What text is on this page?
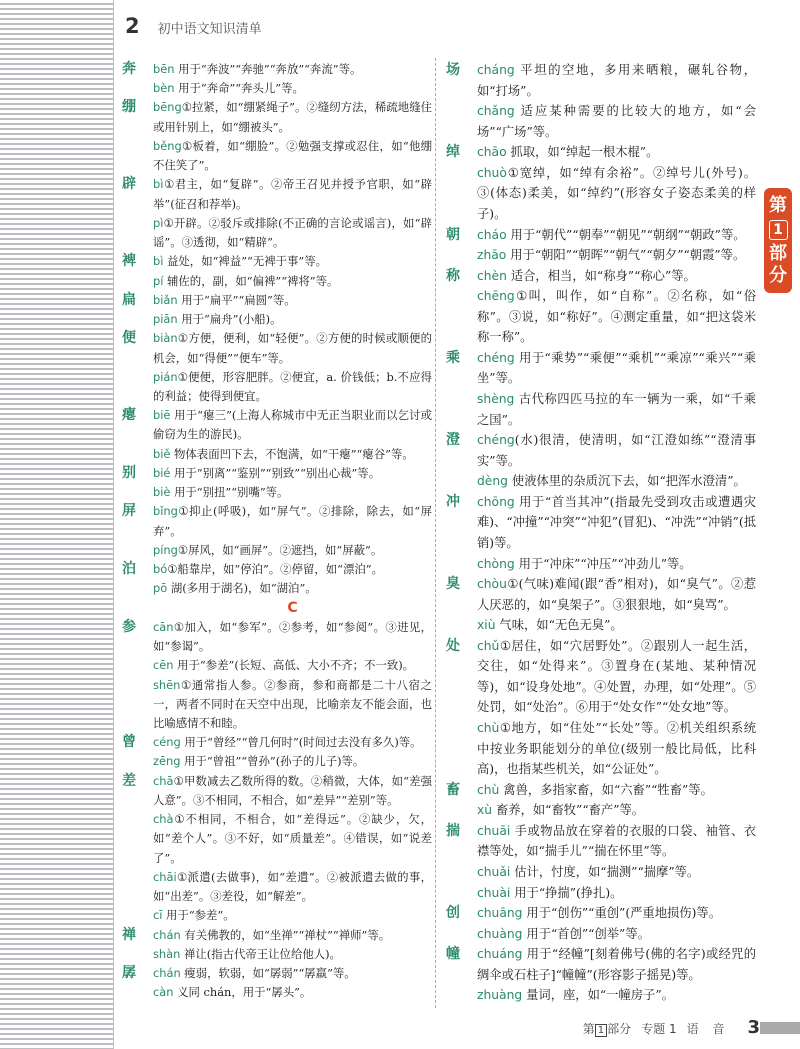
2 初中语文知识清单
奔 bēn 用于“奔波”“奔驰”“奔放”“奔流”等。
bèn 用于“奔命”“奔头儿”等。
绷 bēng①拉紧，如“绷紧绳子”。②缝纫方法，稀疏地缝住或用针别上，如“绷被头”。
běng①板着，如“绷脸”。②勉强支撑或忍住，如“他绷不住笑了”。
辟 bì①君主，如“复辟”。②帝王召见并授予官职，如“辟举”(征召和荐举)。
pì①开辟。②驳斥或排除(不正确的言论或谣言)，如“辟谣”。③透彻，如“精辟”。
裨 bì 益处，如“裨益”“无裨于事”等。
pí 辅佐的，副，如“偏裨”“裨将”等。
扁 biǎn 用于“扁平”“扁圆”等。
piān 用于“扁舟”(小船)。
便 biàn①方便，便利，如“轻便”。②方便的时候或顺便的机会，如“得便”“便车”等。
pián①便便，形容肥胖。②便宜，a. 价钱低；b.不应得的利益；使得到便宜。
瘪 biē 用于“瘪三”(上海人称城市中无正当职业而以乞讨或偷窃为生的游民)。
biě 物体表面凹下去，不饱满，如“干瘪”“瘪谷”等。
别 bié 用于“别离”“鉴别”“别致”“别出心裁”等。
biè 用于“别扭”“别嘴”等。
屏 bǐng①抑止(呼吸)，如“屏气”。②排除，除去，如“屏弃”。
píng①屏风，如“画屏”。②遮挡，如“屏蔽”。
泊 bó①船靠岸，如“停泊”。②停留，如“漂泊”。
pō 湖(多用于湖名)，如“湖泊”。
C
参 cān①加入，如“参军”。②参考，如“参阅”。③进见，如“参谒”。
cēn 用于“参差”(长短、高低、大小不齐；不一致)。
shēn①通常指人参。②参商，参和商都是二十八宿之一，两者不同时在天空中出现，比喻亲友不能会面，也比喻感情不和睦。
曾 céng 用于“曾经”“曾几何时”(时间过去没有多久)等。
zēng 用于“曾祖”“曾孙”(孙子的儿子)等。
差 chā①甲数减去乙数所得的数。②稍微，大体，如“差强人意”。③不相同，不相合，如“差异”“差别”等。
chà①不相同，不相合，如“差得远”。②缺少，欠，如“差个人”。③不好，如“质量差”。④错误，如“说差了”。
chāi①派遣(去做事)，如“差遣”。②被派遣去做的事，如“出差”。③差役，如“解差”。
cī 用于“参差”。
禅 chán 有关佛教的，如“坐禅”“禅杖”“禅师”等。
shàn 禅让(指古代帝王让位给他人)。
孱 chán 瘦弱，软弱，如“孱弱”“孱羸”等。
càn 义同 chán，用于“孱头”。
场 cháng 平坦的空地，多用来晒粮，碾轧谷物，如“打场”。
chǎng 适应某种需要的比较大的地方，如“会场”“广场”等。
绰 chāo 抓取，如“绰起一根木棍”。
chuò①宽绰，如“绰有余裕”。②绰号儿(外号)。③(体态)柔美，如“绰约”(形容女子姿态柔美的样子)。
朝 cháo 用于“朝代”“朝奉”“朝见”“朝纲”“朝政”等。
zhāo 用于“朝阳”“朝晖”“朝气”“朝夕”“朝霞”等。
称 chèn 适合，相当，如“称身”“称心”等。
chēng①叫，叫作，如“自称”。②名称，如“俗称”。③说，如“称好”。④测定重量，如“把这袋米称一称”。
乘 chéng 用于“乘势”“乘便”“乘机”“乘凉”“乘兴”“乘坐”等。
shèng 古代称四匹马拉的车一辆为一乘，如“千乘之国”。
澄 chéng(水)很清，使清明，如“江澄如练”“澄清事实”等。
dèng 使液体里的杂质沉下去，如“把浑水澄清”。
冲 chōng 用于“首当其冲”(指最先受到攻击或遭遇灾难)、“冲撞”“冲突”“冲犯”(冒犯)、“冲洗”“冲销”(抵销)等。
chòng 用于“冲床”“冲压”“冲劲儿”等。
臭 chòu①(气味)难闻(跟“香”相对)，如“臭气”。②惹人厌恶的，如“臭架子”。③狠狠地，如“臭骂”。
xiù 气味，如“无色无臭”。
处 chǔ①居住，如“穴居野处”。②跟别人一起生活，交往，如“处得来”。③置身在(某地、某种情况等)，如“设身处地”。④处置，办理，如“处理”。⑤处罚，如“处治”。⑥用于“处女作”“处女地”等。
chù①地方，如“住处”“长处”等。②机关组织系统中按业务职能划分的单位(级别一般比局低，比科高)，也指某些机关，如“公证处”。
畜 chù 禽兽，多指家畜，如“六畜”“牲畜”等。
xù 畜养，如“畜牧”“畜产”等。
揣 chuāi 手或物品放在穿着的衣服的口袋、袖管、衣襟等处，如“揣手儿”“揣在怀里”等。
chuǎi 估计，忖度，如“揣测”“揣摩”等。
chuài 用于“挣揣”(挣扎)。
创 chuāng 用于“创伤”“重创”(严重地损伤)等。
chuàng 用于“首创”“创举”等。
幢 chuáng 用于“经幢”[刻着佛号(佛的名字)或经咒的绸伞或石柱子]“幢幢”(形容影子摇晃)等。
zhuàng 量词，座，如“一幢房子”。
第
1
部分
第 1 部分 专题 1 语 音 3
